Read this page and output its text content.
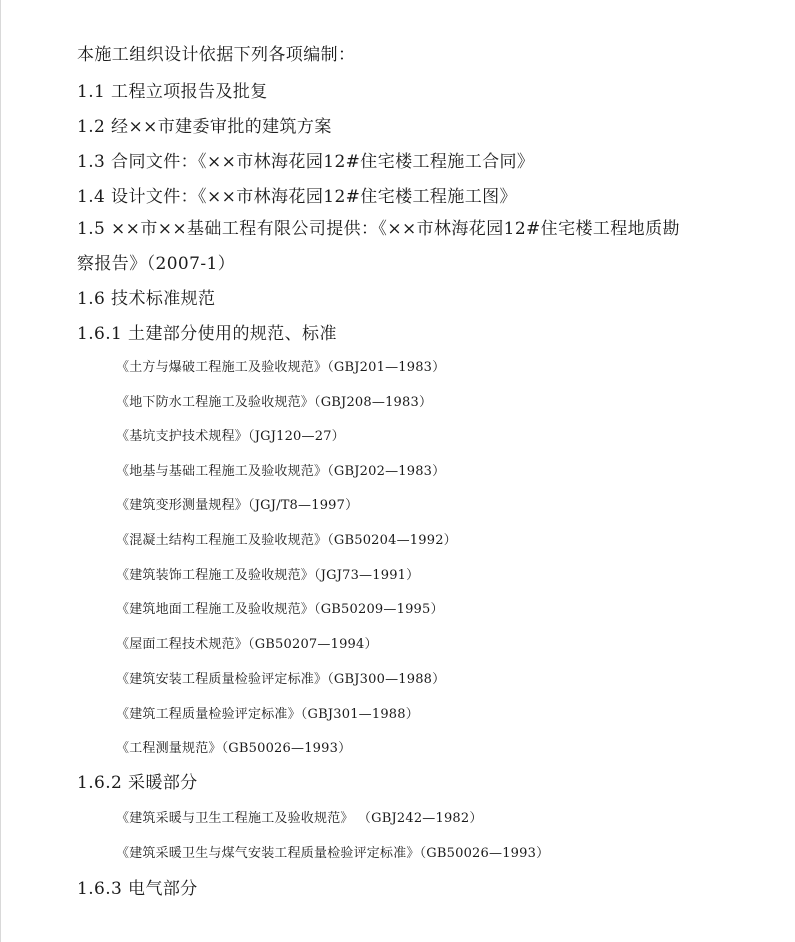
本施工组织设计依据下列各项编制：
1.1 工程立项报告及批复
1.2 经××市建委审批的建筑方案
1.3 合同文件：《××市林海花园12#住宅楼工程施工合同》
1.4 设计文件：《××市林海花园12#住宅楼工程施工图》
1.5 ××市××基础工程有限公司提供：《××市林海花园12#住宅楼工程地质勘
察报告》（2007-1）
1.6 技术标准规范
1.6.1 土建部分使用的规范、标准
《土方与爆破工程施工及验收规范》（GBJ201—1983）
《地下防水工程施工及验收规范》（GBJ208—1983）
《基坑支护技术规程》（JGJ120—27）
《地基与基础工程施工及验收规范》（GBJ202—1983）
《建筑变形测量规程》（JGJ/T8—1997）
《混凝土结构工程施工及验收规范》（GB50204—1992）
《建筑装饰工程施工及验收规范》（JGJ73—1991）
《建筑地面工程施工及验收规范》（GB50209—1995）
《屋面工程技术规范》（GB50207—1994）
《建筑安装工程质量检验评定标准》（GBJ300—1988）
《建筑工程质量检验评定标准》（GBJ301—1988）
《工程测量规范》（GB50026—1993）
1.6.2 采暖部分
《建筑采暖与卫生工程施工及验收规范》 （GBJ242—1982）
《建筑采暖卫生与煤气安装工程质量检验评定标准》（GB50026—1993）
1.6.3 电气部分
